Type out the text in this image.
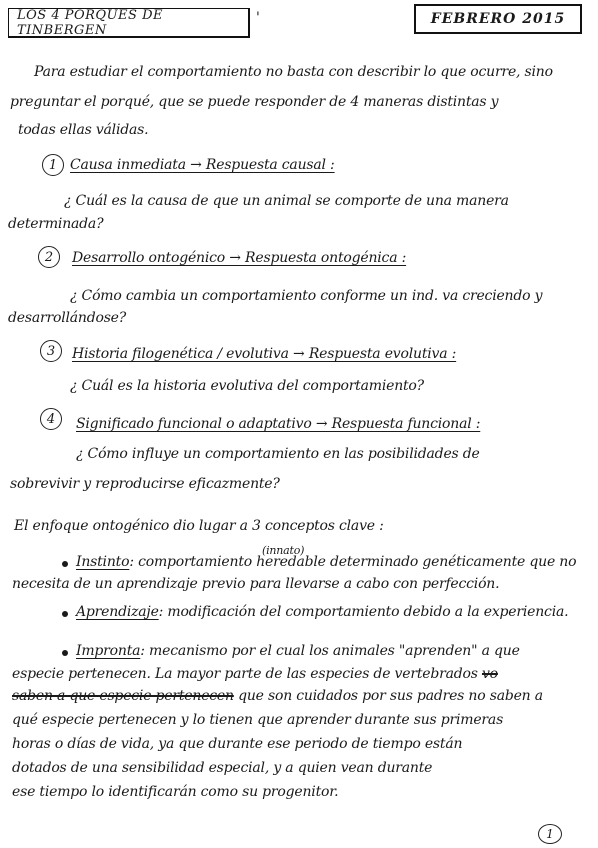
LOS 4 PORQUES DE TINBERGEN
'	FEBRERO 2015
Para estudiar el comportamiento no basta con describir lo que ocurre, sino
preguntar el porqué, que se puede responder de 4 maneras distintas y
todas ellas válidas.
1 Causa inmediata → Respuesta causal :
¿ Cuál es la causa de que un animal se comporte de una manera
determinada?
2 Desarrollo ontogénico → Respuesta ontogénica :
¿ Cómo cambia un comportamiento conforme un ind. va creciendo y
desarrollándose?
3 Historia filogenética / evolutiva → Respuesta evolutiva :
¿ Cuál es la historia evolutiva del comportamiento?
4 Significado funcional o adaptativo → Respuesta funcional :
¿ Cómo influye un comportamiento en las posibilidades de
sobrevivir y reproducirse eficazmente?
El enfoque ontogénico dio lugar a 3 conceptos clave :
(innato)
Instinto: comportamiento heredable determinado genéticamente que no
necesita de un aprendizaje previo para llevarse a cabo con perfección.
Aprendizaje: modificación del comportamiento debido a la experiencia.
Impronta: mecanismo por el cual los animales "aprenden" a que
especie pertenecen. La mayor parte de las especies de vertebrados vo
saben a que especie pertenecen que son cuidados por sus padres no saben a
qué especie pertenecen y lo tienen que aprender durante sus primeras
horas o días de vida, ya que durante ese periodo de tiempo están
dotados de una sensibilidad especial, y a quien vean durante
ese tiempo lo identificarán como su progenitor.
1
